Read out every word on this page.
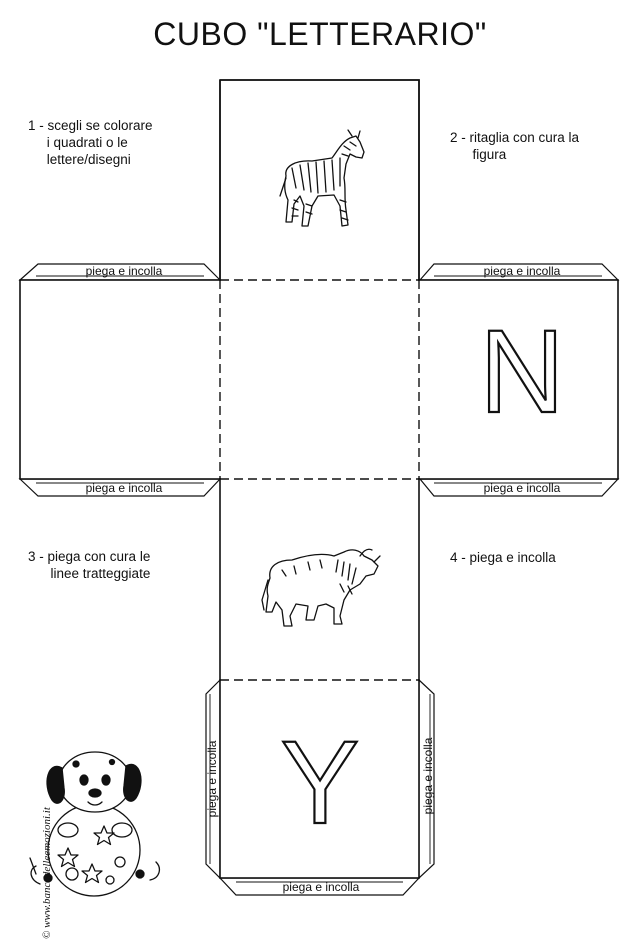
CUBO "LETTERARIO"
1 - scegli se colorare
i quadrati o le
lettere/disegni
2 - ritaglia con cura la
figura
3 - piega con cura le
linee tratteggiate
4 - piega e incolla
piega e incolla	piega e incolla
piega e incolla	piega e incolla
piega e incolla	piega e incolla
piega e incolla
N
Y
© www.bancadelleemozioni.it
